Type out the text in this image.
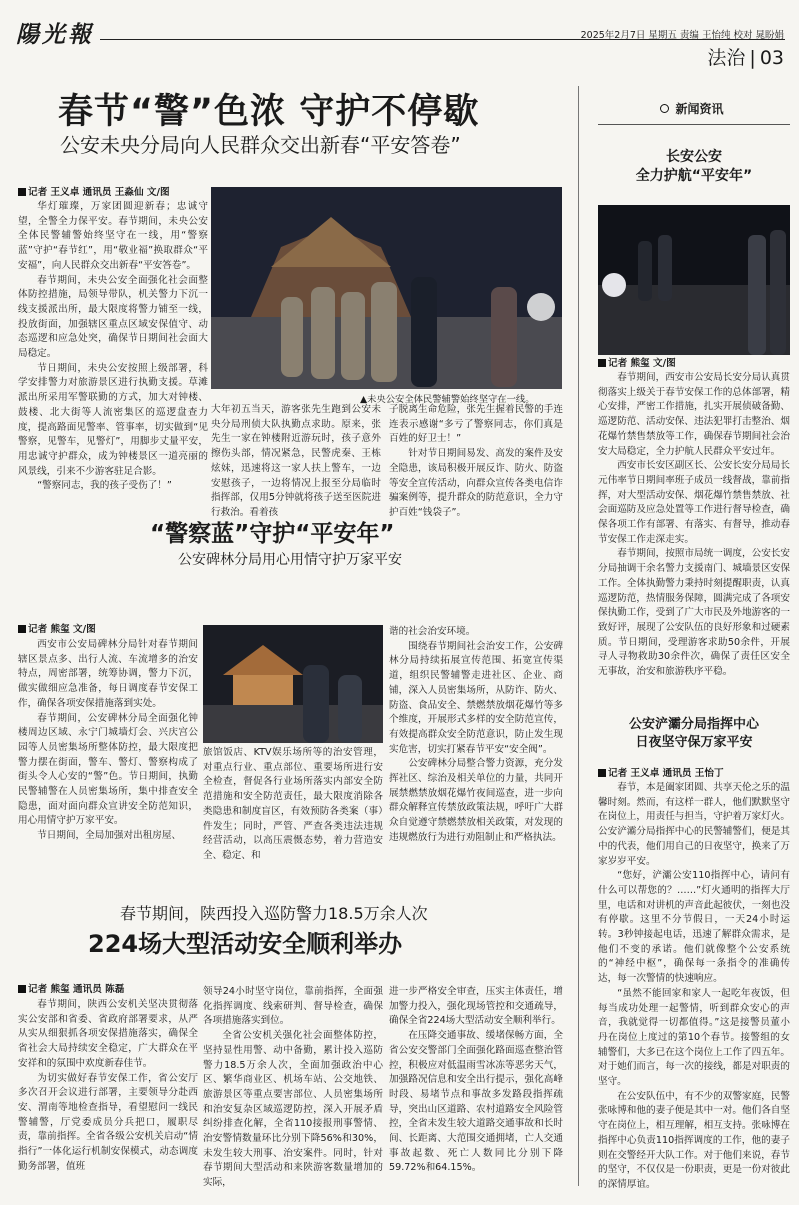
陽光報	2025年2月7日 星期五 责编 王怡纯 校对 晁盼娟
法治 | 03
春节“警”色浓 守护不停歇
公安未央分局向人民群众交出新春“平安答卷”
记者 王义卓 通讯员 王淼仙 文/图

华灯璀璨，万家团圆迎新春；忠诚守望，全警全力保平安。春节期间，未央公安全体民警辅警始终坚守在一线，用“警察蓝”守护“春节红”，用“敬业福”换取群众“平安福”，向人民群众交出新春“平安答卷”。

春节期间，未央公安全面强化社会面整体防控措施，局领导带队，机关警力下沉一线支援派出所，最大限度将警力铺至一线，投放街面，加强辖区重点区域安保值守、动态巡逻和应急处突，确保节日期间社会面大局稳定。

节日期间，未央公安按照上级部署，科学安排警力对旅游景区进行执勤支援。草滩派出所采用军警联勤的方式，加大对钟楼、鼓楼、北大街等人流密集区的巡逻盘查力度，提高路面见警率、管事率，切实做到“见警察，见警车，见警灯”，用脚步丈量平安，用忠诚守护群众，成为钟楼景区一道亮丽的风景线，引来不少游客驻足合影。

“警察同志，我的孩子受伤了！”

▲未央公安全体民警辅警始终坚守在一线。

大年初五当天，游客张先生跑到公安未央分局刑侦大队执勤点求助。原来，张先生一家在钟楼附近游玩时，孩子意外擦伤头部，情况紧急，民警虎秦、王栋炫妹，迅速将这一家人扶上警车，一边安慰孩子，一边将情况上报至分局临时指挥部，仅用5分钟就将孩子送至医院进行救治。看着孩

子脱离生命危险，张先生握着民警的手连连表示感谢“多亏了警察同志，你们真是百姓的好卫士！”

针对节日期间易发、高发的案件及安全隐患，该局积极开展反诈、防火、防盗等安全宣传活动，向群众宣传各类电信诈骗案例等，提升群众的防范意识，全力守护百姓“钱袋子”。

“警察蓝”守护“平安年”
公安碑林分局用心用情守护万家平安
记者 熊玺 文/图

西安市公安局碑林分局针对春节期间辖区景点多、出行人流、车流增多的治安特点，周密部署，统筹协调，警力下沉，做实做细应急准备，每日调度春节安保工作，确保各项安保措施落到实处。

春节期间，公安碑林分局全面强化钟楼周边区域、永宁门城墙灯会、兴庆宫公园等人员密集场所整体防控，最大限度把警力摆在街面，警车、警灯、警察构成了街头令人心安的“警”色。节日期间，执勤民警辅警在人员密集场所，集中排查安全隐患，面对面向群众宣讲安全防范知识，用心用情守护万家平安。

节日期间，全局加强对出租房屋、

旅馆饭店、KTV娱乐场所等的治安管理，对重点行业、重点部位、重要场所进行安全检查，督促各行业场所落实内部安全防范措施和安全防范责任，最大限度消除各类隐患和制度盲区，有效预防各类案（事）件发生；同时，严管、严查各类违法违规经营活动，以高压震慑态势，着力营造安全、稳定、和

谐的社会治安环境。

围绕春节期间社会治安工作，公安碑林分局持续拓展宣传范围、拓宽宣传渠道，组织民警辅警走进社区、企业、商铺，深入人员密集场所，从防诈、防火、防盗、食品安全、禁燃禁放烟花爆竹等多个维度，开展形式多样的安全防范宣传，有效提高群众安全防范意识，防止发生现实危害，切实打紧春节平安“安全阀”。

公安碑林分局整合警力资源，充分发挥社区、综治及相关单位的力量，共同开展禁燃禁放烟花爆竹夜间巡查，进一步向群众解释宣传禁放政策法规，呼吁广大群众自觉遵守禁燃禁放相关政策，对发现的违规燃放行为进行劝阻制止和严格执法。

春节期间，陕西投入巡防警力18.5万余人次
224场大型活动安全顺利举办
记者 熊玺 通讯员 陈磊

春节期间，陕西公安机关坚决贯彻落实公安部和省委、省政府部署要求，从严从实从细狠抓各项安保措施落实，确保全省社会大局持续安全稳定，广大群众在平安祥和的氛围中欢度新春佳节。

为切实做好春节安保工作，省公安厅多次召开会议进行部署，主要领导分赴西安、渭南等地检查指导，看望慰问一线民警辅警，厅党委成员分兵把口，履职尽责，靠前指挥。全省各级公安机关启动“情指行”一体化运行机制安保模式，动态调度勤务部署，值班

领导24小时坚守岗位，靠前指挥，全面强化指挥调度、线索研判、督导检查，确保各项措施落实到位。

全省公安机关强化社会面整体防控，坚持显性用警、动中备勤，累计投入巡防警力18.5万余人次，全面加强政治中心区、繁华商业区、机场车站、公交地铁、旅游景区等重点要害部位、人员密集场所和治安复杂区域巡逻防控，深入开展矛盾纠纷排查化解，全省110接报刑事警情、治安警情数量环比分别下降56%和30%，未发生较大刑事、治安案件。同时，针对春节期间大型活动和来陕游客数量增加的实际，

进一步严格安全审查，压实主体责任，增加警力投入，强化现场管控和交通疏导，确保全省224场大型活动安全顺利举行。

在压降交通事故、缓堵保畅方面，全省公安交警部门全面强化路面巡查整治管控，积极应对低温雨雪冰冻等恶劣天气，加强路况信息和安全出行提示，强化高峰时段、易堵节点和事故多发路段指挥疏导，突出山区道路、农村道路安全风险管控，全省未发生较大道路交通事故和长时间、长距离、大范围交通拥堵，亡人交通事故起数、死亡人数同比分别下降59.72%和64.15%。

新闻资讯
长安公安
全力护航“平安年”
记者 熊玺 文/图

春节期间，西安市公安局长安分局认真贯彻落实上级关于春节安保工作的总体部署，精心安排，严密工作措施，扎实开展侦破备勤、巡逻防范、活动安保、违法犯罪打击整治、烟花爆竹禁售禁放等工作，确保春节期间社会治安大局稳定，全力护航人民群众平安过年。

西安市长安区副区长、公安长安分局局长元伟率节日期间率班子成员一线督战，靠前指挥，对大型活动安保、烟花爆竹禁售禁放、社会面巡防及应急处置等工作进行督导检查，确保各项工作有部署、有落实、有督导，推动春节安保工作走深走实。

春节期间，按照市局统一调度，公安长安分局抽调干余名警力支援南门、城墙景区安保工作。全体执勤警力秉持时刻提醒职责，认真巡逻防范，热情服务保障，圆满完成了各项安保执勤工作，受到了广大市民及外地游客的一致好评，展现了公安队伍的良好形象和过硬素质。节日期间，受理游客求助50余件，开展寻人寻物救助30余件次，确保了责任区安全无事故，治安和旅游秩序平稳。

公安浐灞分局指挥中心
日夜坚守保万家平安
记者 王义卓 通讯员 王怡丁

春节，本是阖家团圆、共享天伦之乐的温馨时刻。然而，有这样一群人，他们默默坚守在岗位上，用责任与担当，守护着万家灯火。公安浐灞分局指挥中心的民警辅警们，便是其中的代表，他们用自己的日夜坚守，换来了万家岁岁平安。

“您好，浐灞公安110指挥中心，请问有什么可以帮您的？……”灯火通明的指挥大厅里，电话和对讲机的声音此起彼伏，一刻也没有停歇。这里不分节假日，一天24小时运转。3秒钟接起电话，迅速了解群众需求，是他们不变的承诺。他们就像整个公安系统的“神经中枢”，确保每一条指令的准确传达，每一次警情的快速响应。

“虽然不能回家和家人一起吃年夜饭，但每当成功处理一起警情，听到群众安心的声音，我就觉得一切都值得。”这是接警员董小丹在岗位上度过的第10个春节。接警组的女辅警们，大多已在这个岗位上工作了四五年。对于她们而言，每一次的接线，都是对职责的坚守。

在公安队伍中，有不少的双警家庭，民警张咏博和他的妻子便是其中一对。他们各自坚守在岗位上，相互理解，相互支持。张咏博在指挥中心负责110指挥调度的工作，他的妻子则在交警经开大队工作。对于他们来说，春节的坚守，不仅仅是一份职责，更是一份对彼此的深情厚谊。
